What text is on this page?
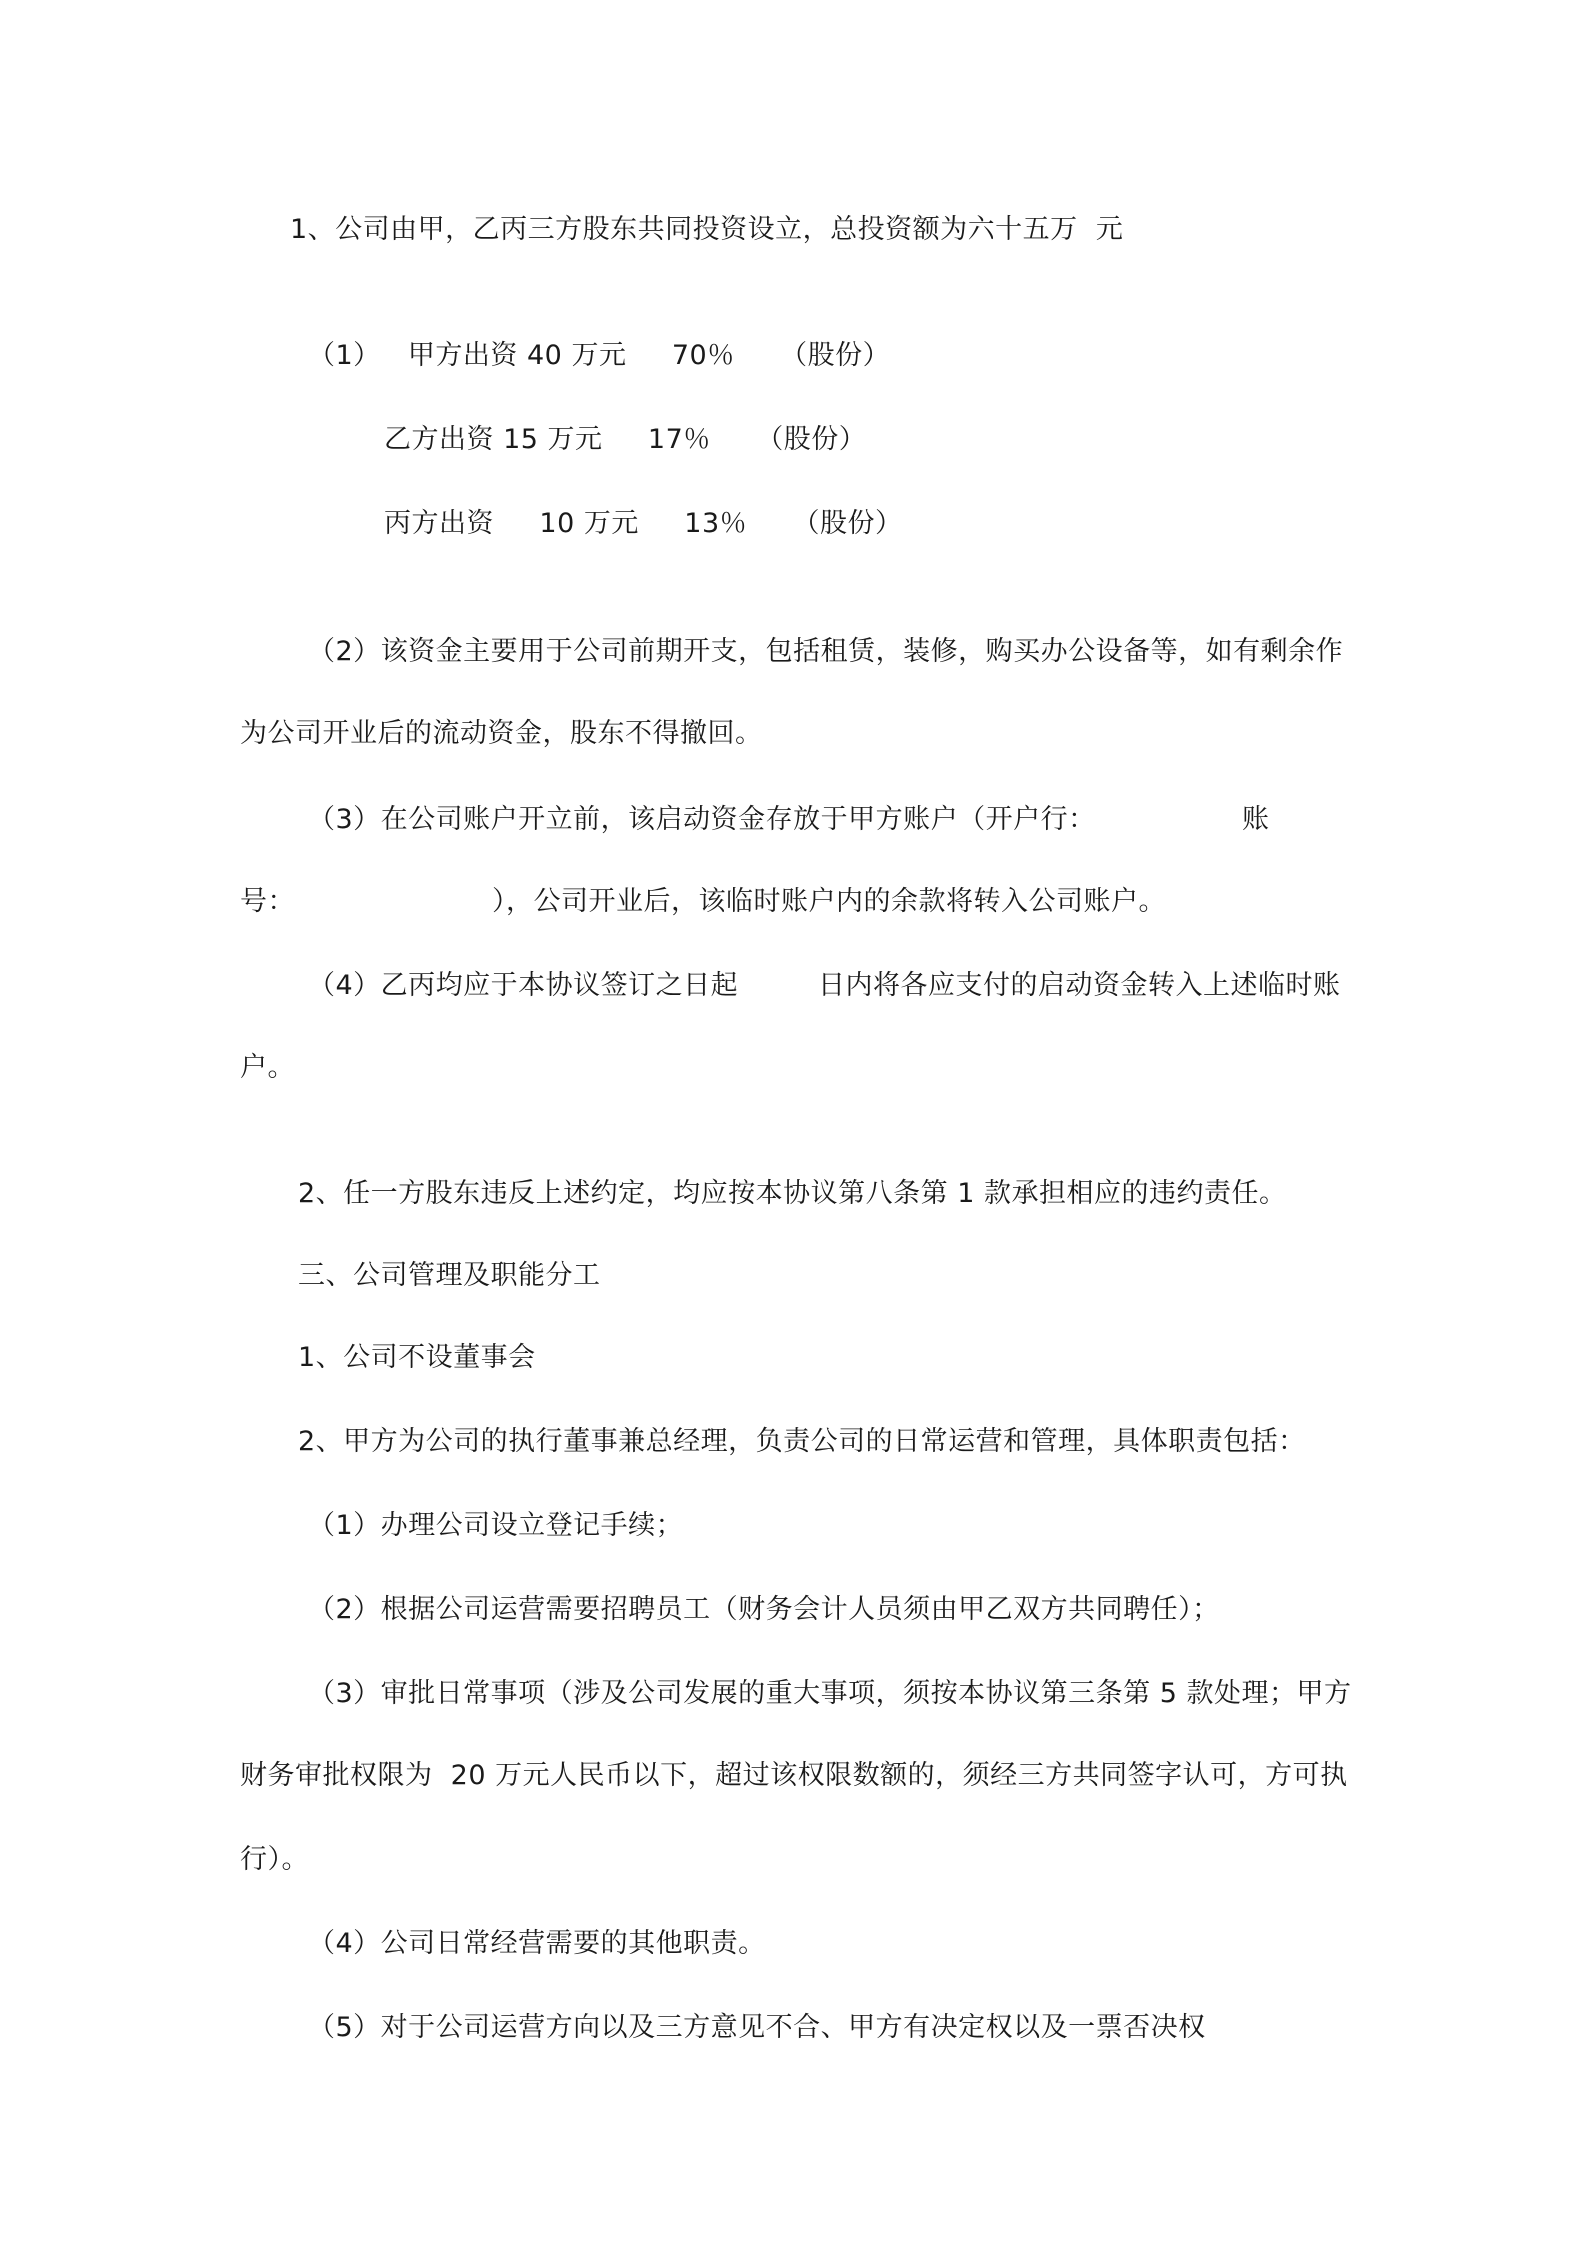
1、公司由甲，乙丙三方股东共同投资设立，总投资额为六十五万  元
（1）   甲方出资 40 万元     70％     （股份）
乙方出资 15 万元     17％     （股份）
丙方出资     10 万元     13％     （股份）
（2）该资金主要用于公司前期开支，包括租赁，装修，购买办公设备等，如有剩余作
为公司开业后的流动资金，股东不得撤回。
（3）在公司账户开立前，该启动资金存放于甲方账户（开户行：	账
号：	），公司开业后，该临时账户内的余款将转入公司账户。
（4）乙丙均应于本协议签订之日起	日内将各应支付的启动资金转入上述临时账
户。
2、任一方股东违反上述约定，均应按本协议第八条第 1 款承担相应的违约责任。
三、公司管理及职能分工
1、公司不设董事会
2、甲方为公司的执行董事兼总经理，负责公司的日常运营和管理，具体职责包括：
（1）办理公司设立登记手续；
（2）根据公司运营需要招聘员工（财务会计人员须由甲乙双方共同聘任）；
（3）审批日常事项（涉及公司发展的重大事项，须按本协议第三条第 5 款处理；甲方
财务审批权限为  20 万元人民币以下，超过该权限数额的，须经三方共同签字认可，方可执
行）。
（4）公司日常经营需要的其他职责。
（5）对于公司运营方向以及三方意见不合、甲方有决定权以及一票否决权
